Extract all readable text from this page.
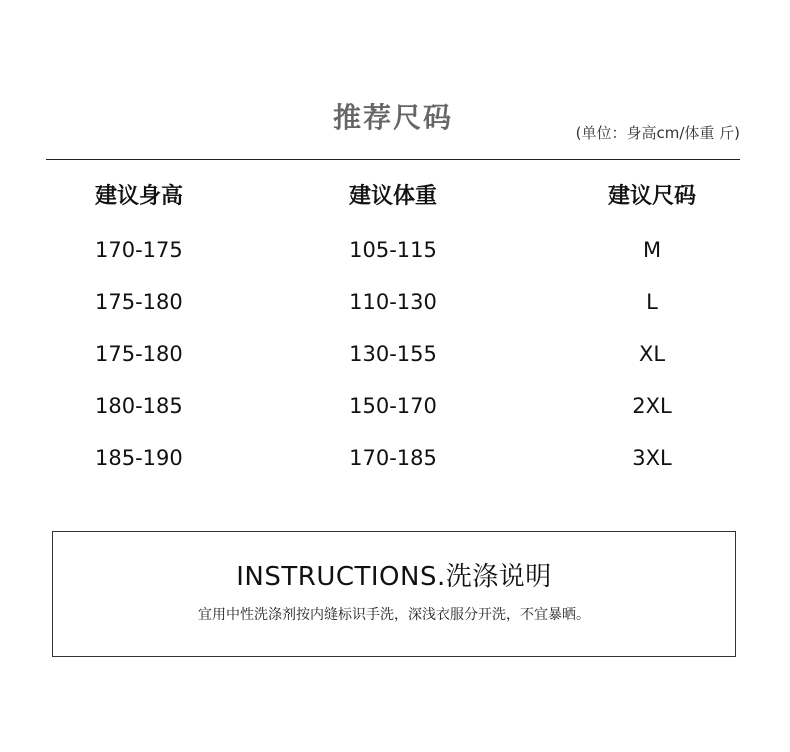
推荐尺码	(单位：身高cm/体重 斤)
建议身高	建议体重	建议尺码
170-175	105-115	M
175-180	110-130	L
175-180	130-155	XL
180-185	150-170	2XL
185-190	170-185	3XL
INSTRUCTIONS.洗涤说明
宜用中性洗涤剂按内缝标识手洗，深浅衣服分开洗，不宜暴晒。
